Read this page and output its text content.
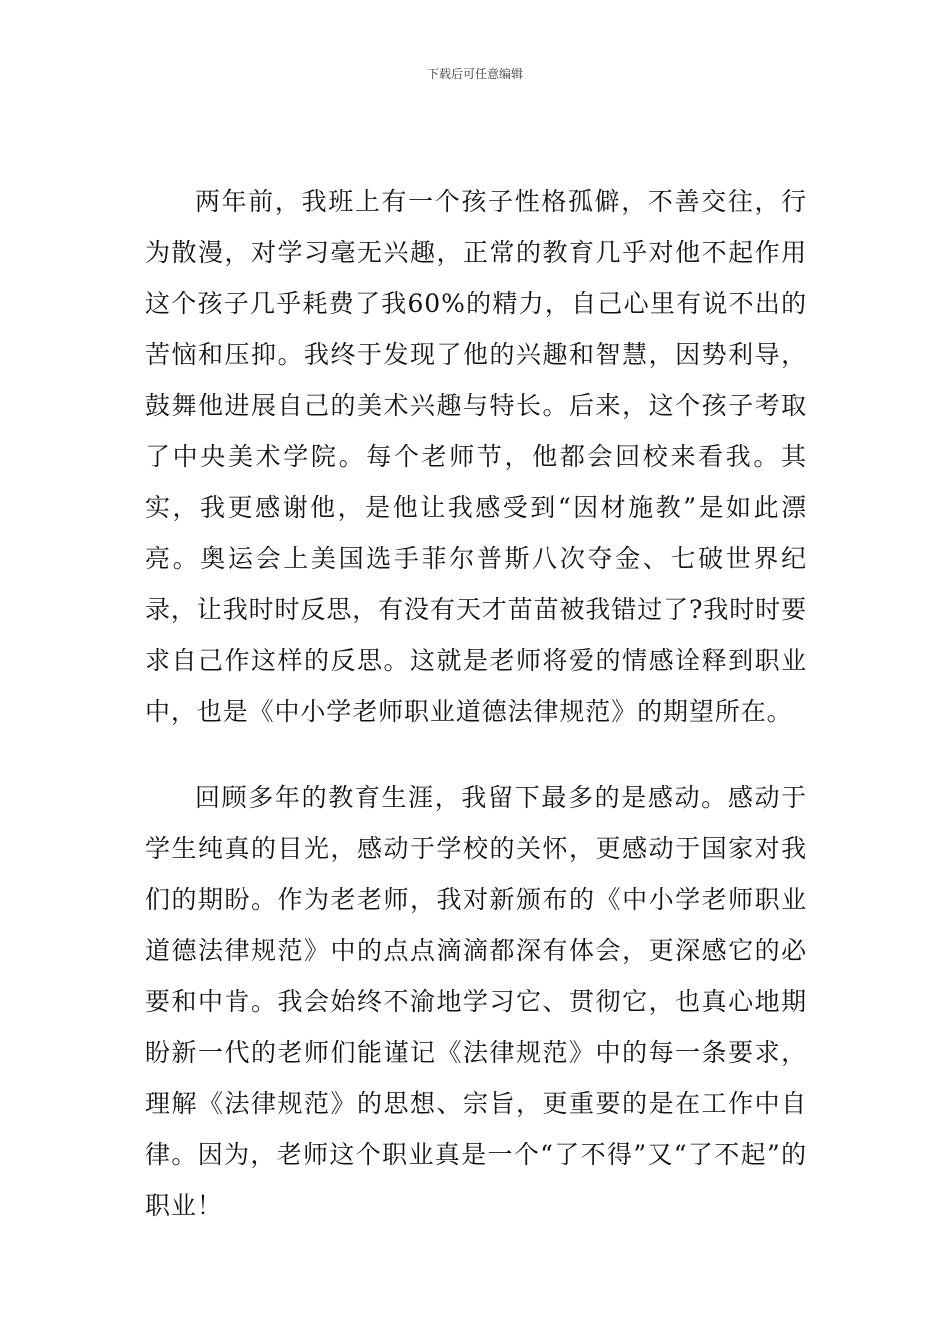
下载后可任意编辑

两年前，我班上有一个孩子性格孤僻，不善交往，行为散漫，对学习毫无兴趣，正常的教育几乎对他不起作用这个孩子几乎耗费了我60%的精力，自己心里有说不出的苦恼和压抑。我终于发现了他的兴趣和智慧，因势利导，鼓舞他进展自己的美术兴趣与特长。后来，这个孩子考取了中央美术学院。每个老师节，他都会回校来看我。其实，我更感谢他，是他让我感受到“因材施教”是如此漂亮。奥运会上美国选手菲尔普斯八次夺金、七破世界纪录，让我时时反思，有没有天才苗苗被我错过了?我时时要求自己作这样的反思。这就是老师将爱的情感诠释到职业中，也是《中小学老师职业道德法律规范》的期望所在。

回顾多年的教育生涯，我留下最多的是感动。感动于学生纯真的目光，感动于学校的关怀，更感动于国家对我们的期盼。作为老老师，我对新颁布的《中小学老师职业道德法律规范》中的点点滴滴都深有体会，更深感它的必要和中肯。我会始终不渝地学习它、贯彻它，也真心地期盼新一代的老师们能谨记《法律规范》中的每一条要求，理解《法律规范》的思想、宗旨，更重要的是在工作中自律。因为，老师这个职业真是一个“了不得”又“了不起”的职业！
